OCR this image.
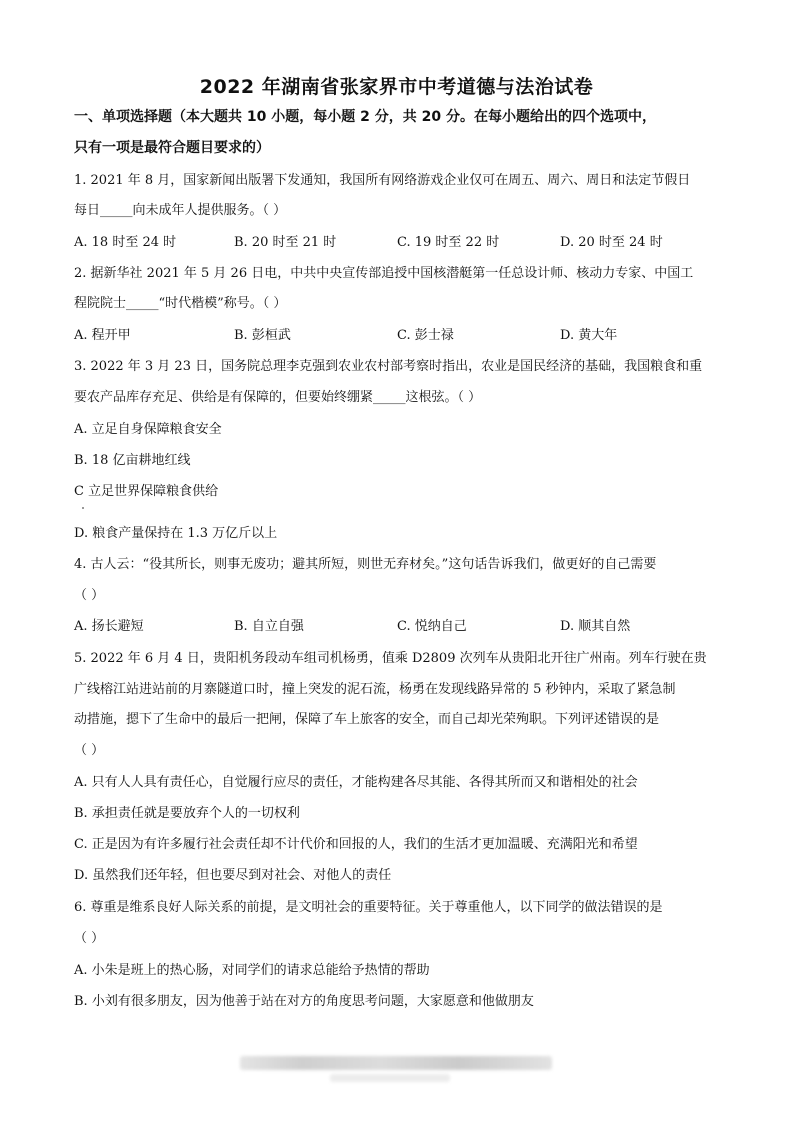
2022 年湖南省张家界市中考道德与法治试卷
一、单项选择题（本大题共 10 小题，每小题 2 分，共 20 分。在每小题给出的四个选项中，
只有一项是最符合题目要求的）
1. 2021 年 8 月，国家新闻出版署下发通知，我国所有网络游戏企业仅可在周五、周六、周日和法定节假日
每日_____向未成年人提供服务。（ ）
A. 18 时至 24 时	B. 20 时至 21 时	C. 19 时至 22 时	D. 20 时至 24 时
2. 据新华社 2021 年 5 月 26 日电，中共中央宣传部追授中国核潜艇第一任总设计师、核动力专家、中国工
程院院士_____“时代楷模”称号。（ ）
A. 程开甲	B. 彭桓武	C. 彭士禄	D. 黄大年
3. 2022 年 3 月 23 日，国务院总理李克强到农业农村部考察时指出，农业是国民经济的基础，我国粮食和重
要农产品库存充足、供给是有保障的，但要始终绷紧_____这根弦。（ ）
A. 立足自身保障粮食安全
B. 18 亿亩耕地红线
C 立足世界保障粮食供给
D. 粮食产量保持在 1.3 万亿斤以上
4. 古人云：“役其所长，则事无废功；避其所短，则世无弃材矣。”这句话告诉我们，做更好的自己需要
（ ）
A. 扬长避短	B. 自立自强	C. 悦纳自己	D. 顺其自然
5. 2022 年 6 月 4 日，贵阳机务段动车组司机杨勇，值乘 D2809 次列车从贵阳北开往广州南。列车行驶在贵
广线榕江站进站前的月寨隧道口时，撞上突发的泥石流，杨勇在发现线路异常的 5 秒钟内，采取了紧急制
动措施，摁下了生命中的最后一把闸，保障了车上旅客的安全，而自己却光荣殉职。下列评述错误的是
（ ）
A. 只有人人具有责任心，自觉履行应尽的责任，才能构建各尽其能、各得其所而又和谐相处的社会
B. 承担责任就是要放弃个人的一切权利
C. 正是因为有许多履行社会责任却不计代价和回报的人，我们的生活才更加温暖、充满阳光和希望
D. 虽然我们还年轻，但也要尽到对社会、对他人的责任
6. 尊重是维系良好人际关系的前提，是文明社会的重要特征。关于尊重他人，以下同学的做法错误的是
（ ）
A. 小朱是班上的热心肠，对同学们的请求总能给予热情的帮助
B. 小刘有很多朋友，因为他善于站在对方的角度思考问题，大家愿意和他做朋友
